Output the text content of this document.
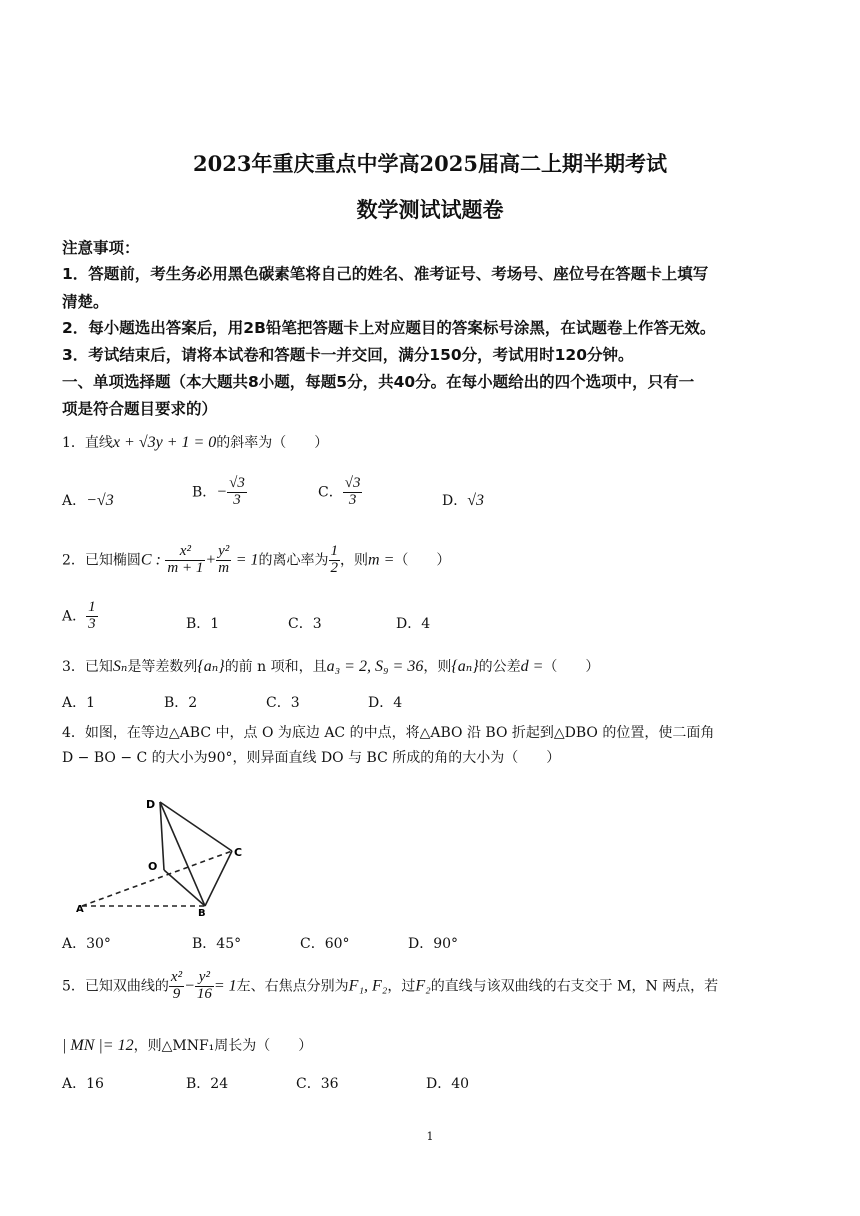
2023年重庆重点中学高2025届高二上期半期考试
数学测试试题卷
注意事项：
1．答题前，考生务必用黑色碳素笔将自己的姓名、准考证号、考场号、座位号在答题卡上填写
清楚。
2．每小题选出答案后，用2B铅笔把答题卡上对应题目的答案标号涂黑，在试题卷上作答无效。
3．考试结束后，请将本试卷和答题卡一并交回，满分150分，考试用时120分钟。
一、单项选择题（本大题共8小题，每题5分，共40分。在每小题给出的四个选项中，只有一
项是符合题目要求的）
1．直线x + √3y + 1 = 0的斜率为（　　）
A．−√3	B．− $\frac{√3}{3}$	C． $\frac{√3}{3}$	D．√3
2．已知椭圆C : $\frac{\text{x²}}{m + 1} + \frac{\text{y²}}{m} = 1$的离心率为 $\frac{1}{2}$ ，则m =（　　）
A． $\frac{1}{3}$	B．1	C．3	D．4
3．已知Sₙ是等差数列{aₙ}的前 n 项和，且a₃ = 2, S₉ = 36，则{aₙ}的公差d =（　　）
A．1	B．2	C．3	D．4
4．如图，在等边△ABC 中，点 O 为底边 AC 的中点，将△ABO 沿 BO 折起到△DBO 的位置，使二面角
D − BO − C 的大小为90°，则异面直线 DO 与 BC 所成的角的大小为（　　）
D
O
C
A	B
A．30°	B．45°	C．60°	D．90°
5．已知双曲线的 $\frac{\text{x²}}{9} - \frac{\text{y²}}{16} = 1$左、右焦点分别为F₁, F₂，过F₂的直线与该双曲线的右支交于 M，N 两点，若
| MN |= 12，则△MNF₁周长为（　　）
A．16	B．24	C．36	D．40
1
